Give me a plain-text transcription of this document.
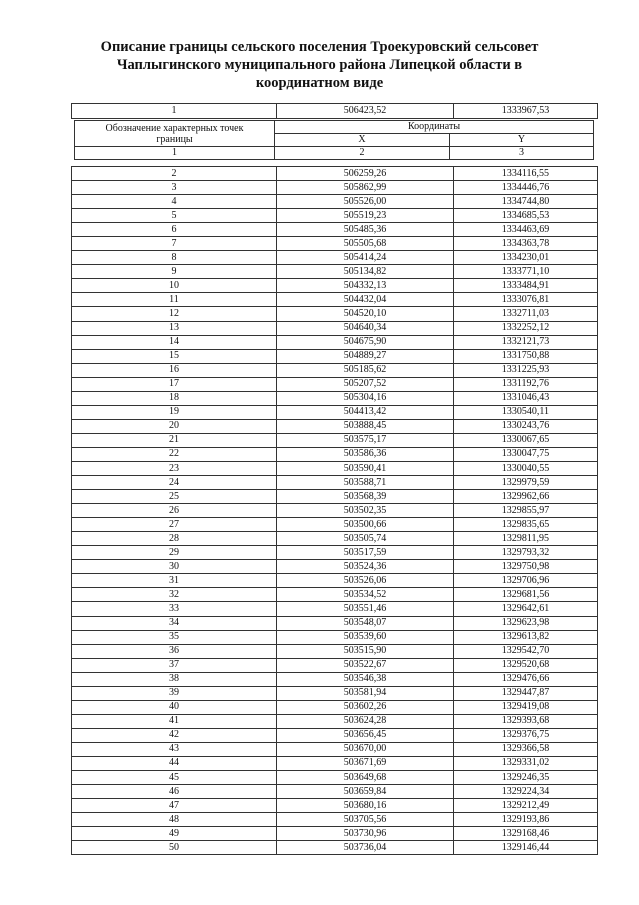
Описание границы сельского поселения Троекуровский сельсовет
Чаплыгинского муниципального района Липецкой области в
координатном виде
1	506423,52	1333967,53
Обозначение характерных точек границы	Координаты	
	X	Y
1	2	3
2	506259,26	1334116,55
3	505862,99	1334446,76
4	505526,00	1334744,80
5	505519,23	1334685,53
6	505485,36	1334463,69
7	505505,68	1334363,78
8	505414,24	1334230,01
9	505134,82	1333771,10
10	504332,13	1333484,91
11	504432,04	1333076,81
12	504520,10	1332711,03
13	504640,34	1332252,12
14	504675,90	1332121,73
15	504889,27	1331750,88
16	505185,62	1331225,93
17	505207,52	1331192,76
18	505304,16	1331046,43
19	504413,42	1330540,11
20	503888,45	1330243,76
21	503575,17	1330067,65
22	503586,36	1330047,75
23	503590,41	1330040,55
24	503588,71	1329979,59
25	503568,39	1329962,66
26	503502,35	1329855,97
27	503500,66	1329835,65
28	503505,74	1329811,95
29	503517,59	1329793,32
30	503524,36	1329750,98
31	503526,06	1329706,96
32	503534,52	1329681,56
33	503551,46	1329642,61
34	503548,07	1329623,98
35	503539,60	1329613,82
36	503515,90	1329542,70
37	503522,67	1329520,68
38	503546,38	1329476,66
39	503581,94	1329447,87
40	503602,26	1329419,08
41	503624,28	1329393,68
42	503656,45	1329376,75
43	503670,00	1329366,58
44	503671,69	1329331,02
45	503649,68	1329246,35
46	503659,84	1329224,34
47	503680,16	1329212,49
48	503705,56	1329193,86
49	503730,96	1329168,46
50	503736,04	1329146,44
